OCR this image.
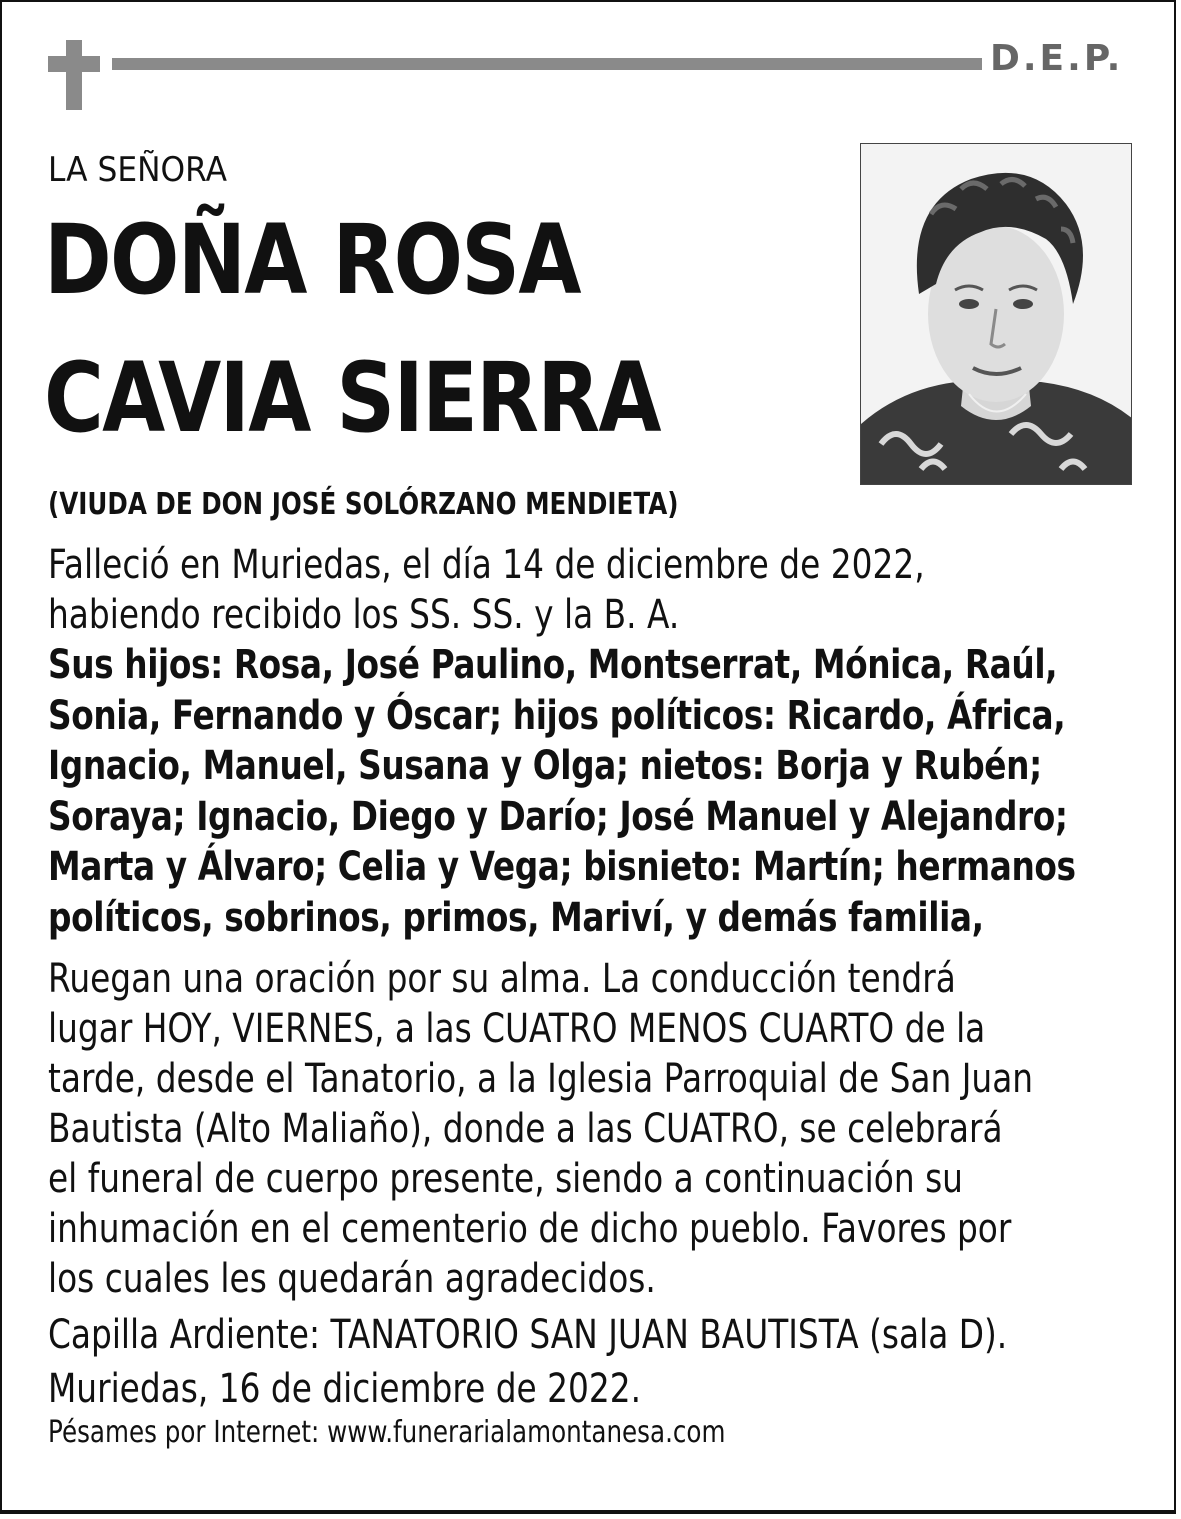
D.E.P.
LA SEÑORA
DOÑA ROSA
CAVIA SIERRA
(VIUDA DE DON JOSÉ SOLÓRZANO MENDIETA)
Falleció en Muriedas, el día 14 de diciembre de 2022,
habiendo recibido los SS. SS. y la B. A.
Sus hijos: Rosa, José Paulino, Montserrat, Mónica, Raúl,
Sonia, Fernando y Óscar; hijos políticos: Ricardo, África,
Ignacio, Manuel, Susana y Olga; nietos: Borja y Rubén;
Soraya; Ignacio, Diego y Darío; José Manuel y Alejandro;
Marta y Álvaro; Celia y Vega; bisnieto: Martín; hermanos
políticos, sobrinos, primos, Mariví, y demás familia,
Ruegan una oración por su alma. La conducción tendrá
lugar HOY, VIERNES, a las CUATRO MENOS CUARTO de la
tarde, desde el Tanatorio, a la Iglesia Parroquial de San Juan
Bautista (Alto Maliaño), donde a las CUATRO, se celebrará
el funeral de cuerpo presente, siendo a continuación su
inhumación en el cementerio de dicho pueblo. Favores por
los cuales les quedarán agradecidos.
Capilla Ardiente: TANATORIO SAN JUAN BAUTISTA (sala D).
Muriedas, 16 de diciembre de 2022.
Pésames por Internet: www.funerarialamontanesa.com
